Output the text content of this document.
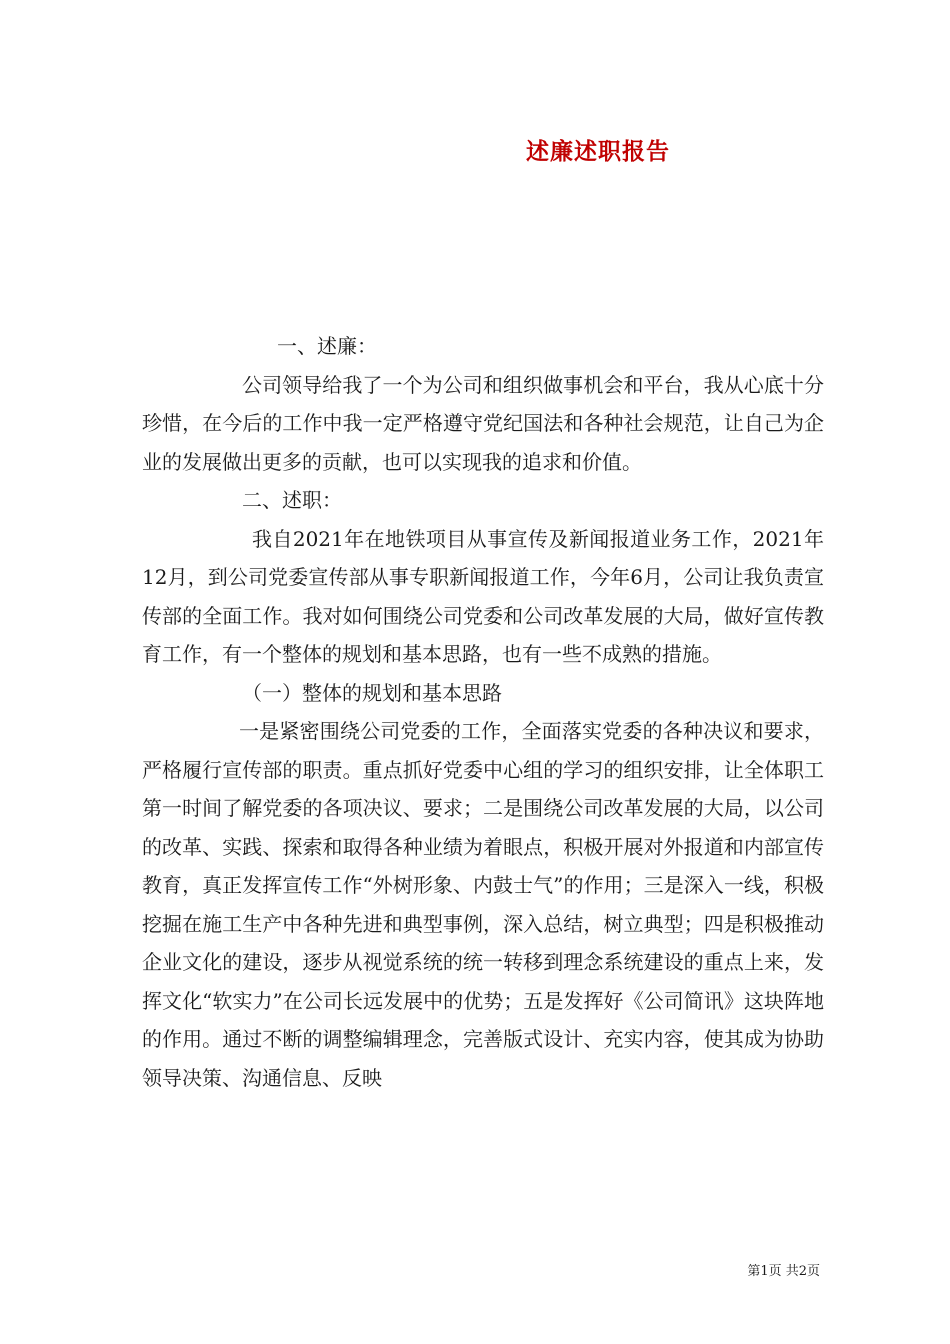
述廉述职报告

一、述廉：

公司领导给我了一个为公司和组织做事机会和平台，我从心底十分珍惜，在今后的工作中我一定严格遵守党纪国法和各种社会规范，让自己为企业的发展做出更多的贡献，也可以实现我的追求和价值。

二、述职：

我自2021年在地铁项目从事宣传及新闻报道业务工作，2021年12月，到公司党委宣传部从事专职新闻报道工作，今年6月，公司让我负责宣传部的全面工作。我对如何围绕公司党委和公司改革发展的大局，做好宣传教育工作，有一个整体的规划和基本思路，也有一些不成熟的措施。

（一）整体的规划和基本思路

一是紧密围绕公司党委的工作，全面落实党委的各种决议和要求，严格履行宣传部的职责。重点抓好党委中心组的学习的组织安排，让全体职工第一时间了解党委的各项决议、要求；二是围绕公司改革发展的大局，以公司的改革、实践、探索和取得各种业绩为着眼点，积极开展对外报道和内部宣传教育，真正发挥宣传工作“外树形象、内鼓士气”的作用；三是深入一线，积极挖掘在施工生产中各种先进和典型事例，深入总结，树立典型；四是积极推动企业文化的建设，逐步从视觉系统的统一转移到理念系统建设的重点上来，发挥文化“软实力”在公司长远发展中的优势；五是发挥好《公司简讯》这块阵地的作用。通过不断的调整编辑理念，完善版式设计、充实内容，使其成为协助领导决策、沟通信息、反映

第1页 共2页
